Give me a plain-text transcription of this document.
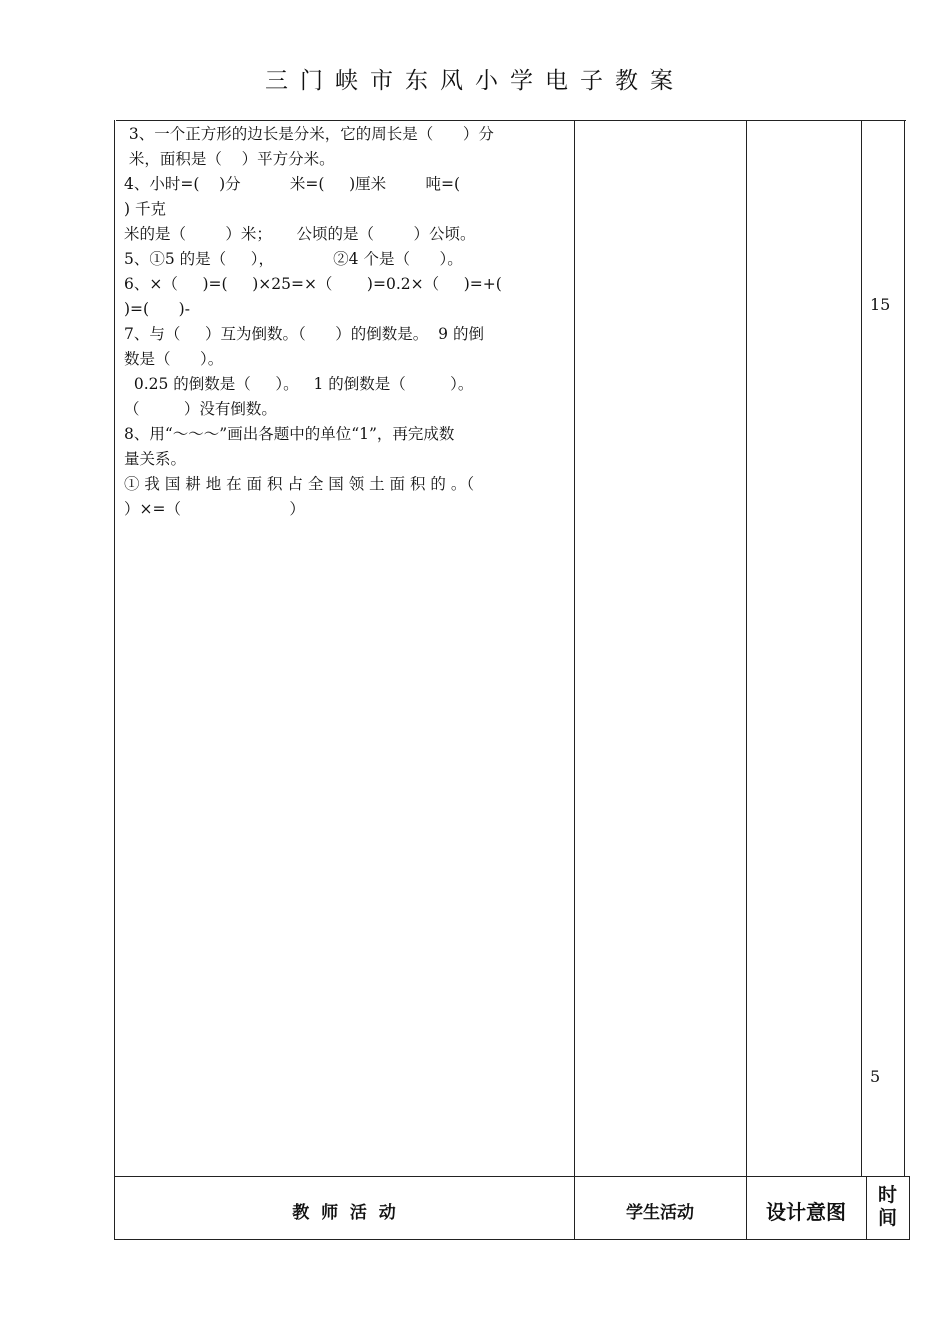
三门峡市东风小学电子教案
3、一个正方形的边长是分米，它的周长是（      ）分
米，面积是（    ）平方分米。
4、小时=(    )分          米=(     )厘米        吨=(
) 千克
米的是（        ）米；     公顷的是（        ）公顷。
5、①5 的是（     ），            ②4 个是（      ）。
6、×（     )=(     )×25=×（       )=0.2×（     )=+(
)=(      )-
7、与（     ）互为倒数。（      ）的倒数是。  9 的倒
数是（      ）。
0.25 的倒数是（     ）。   1 的倒数是（         ）。
（         ）没有倒数。
8、用“～～～”画出各题中的单位“1”，再完成数
量关系。
① 我 国 耕 地 在 面 积 占 全 国 领 土 面 积 的 。（
）×=（                      ）
15
5
教  师  活  动	学生活动	设计意图
时
间
